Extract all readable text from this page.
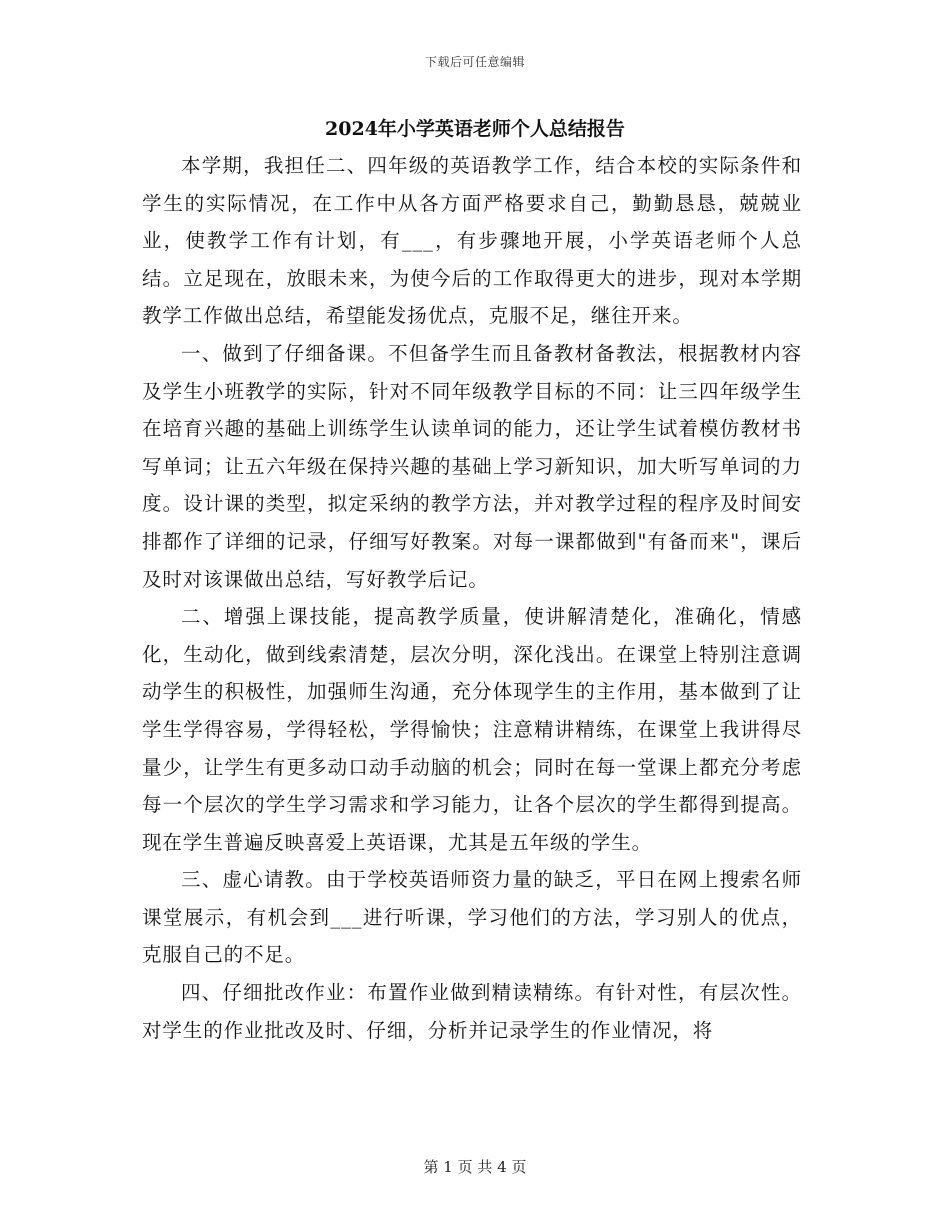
下载后可任意编辑
2024年小学英语老师个人总结报告

本学期，我担任二、四年级的英语教学工作，结合本校的实际条件和学生的实际情况，在工作中从各方面严格要求自己，勤勤恳恳，兢兢业业，使教学工作有计划，有___，有步骤地开展，小学英语老师个人总结。立足现在，放眼未来，为使今后的工作取得更大的进步，现对本学期教学工作做出总结，希望能发扬优点，克服不足，继往开来。

一、做到了仔细备课。不但备学生而且备教材备教法，根据教材内容及学生小班教学的实际，针对不同年级教学目标的不同：让三四年级学生在培育兴趣的基础上训练学生认读单词的能力，还让学生试着模仿教材书写单词；让五六年级在保持兴趣的基础上学习新知识，加大听写单词的力度。设计课的类型，拟定采纳的教学方法，并对教学过程的程序及时间安排都作了详细的记录，仔细写好教案。对每一课都做到"有备而来"，课后及时对该课做出总结，写好教学后记。

二、增强上课技能，提高教学质量，使讲解清楚化，准确化，情感化，生动化，做到线索清楚，层次分明，深化浅出。在课堂上特别注意调动学生的积极性，加强师生沟通，充分体现学生的主作用，基本做到了让学生学得容易，学得轻松，学得愉快；注意精讲精练，在课堂上我讲得尽量少，让学生有更多动口动手动脑的机会；同时在每一堂课上都充分考虑每一个层次的学生学习需求和学习能力，让各个层次的学生都得到提高。现在学生普遍反映喜爱上英语课，尤其是五年级的学生。

三、虚心请教。由于学校英语师资力量的缺乏，平日在网上搜索名师课堂展示，有机会到___进行听课，学习他们的方法，学习别人的优点，克服自己的不足。

四、仔细批改作业：布置作业做到精读精练。有针对性，有层次性。对学生的作业批改及时、仔细，分析并记录学生的作业情况，将

第 1 页 共 4 页
